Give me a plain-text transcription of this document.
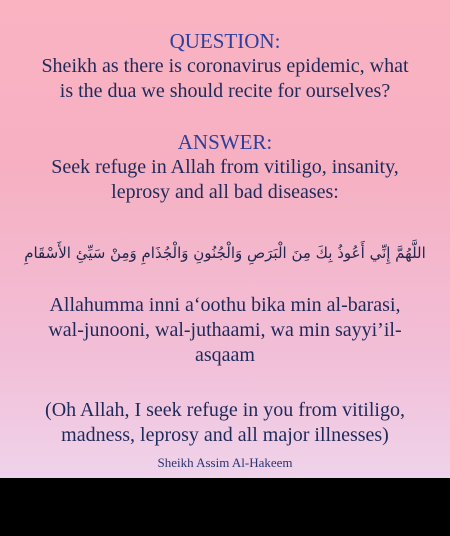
QUESTION:
Sheikh as there is coronavirus epidemic, what
is the dua we should recite for ourselves?
ANSWER:
Seek refuge in Allah from vitiligo, insanity,
leprosy and all bad diseases:
اللَّهُمَّ إِنِّي أَعُوذُ بِكَ مِنَ الْبَرَصِ وَالْجُنُونِ وَالْجُذَامِ وَمِنْ سَيِّئِ الأَسْقَامِ
Allahumma inni a‘oothu bika min al-barasi,
wal-junooni, wal-juthaami, wa min sayyi’il-
asqaam
(Oh Allah, I seek refuge in you from vitiligo,
madness, leprosy and all major illnesses)
Sheikh Assim Al-Hakeem
